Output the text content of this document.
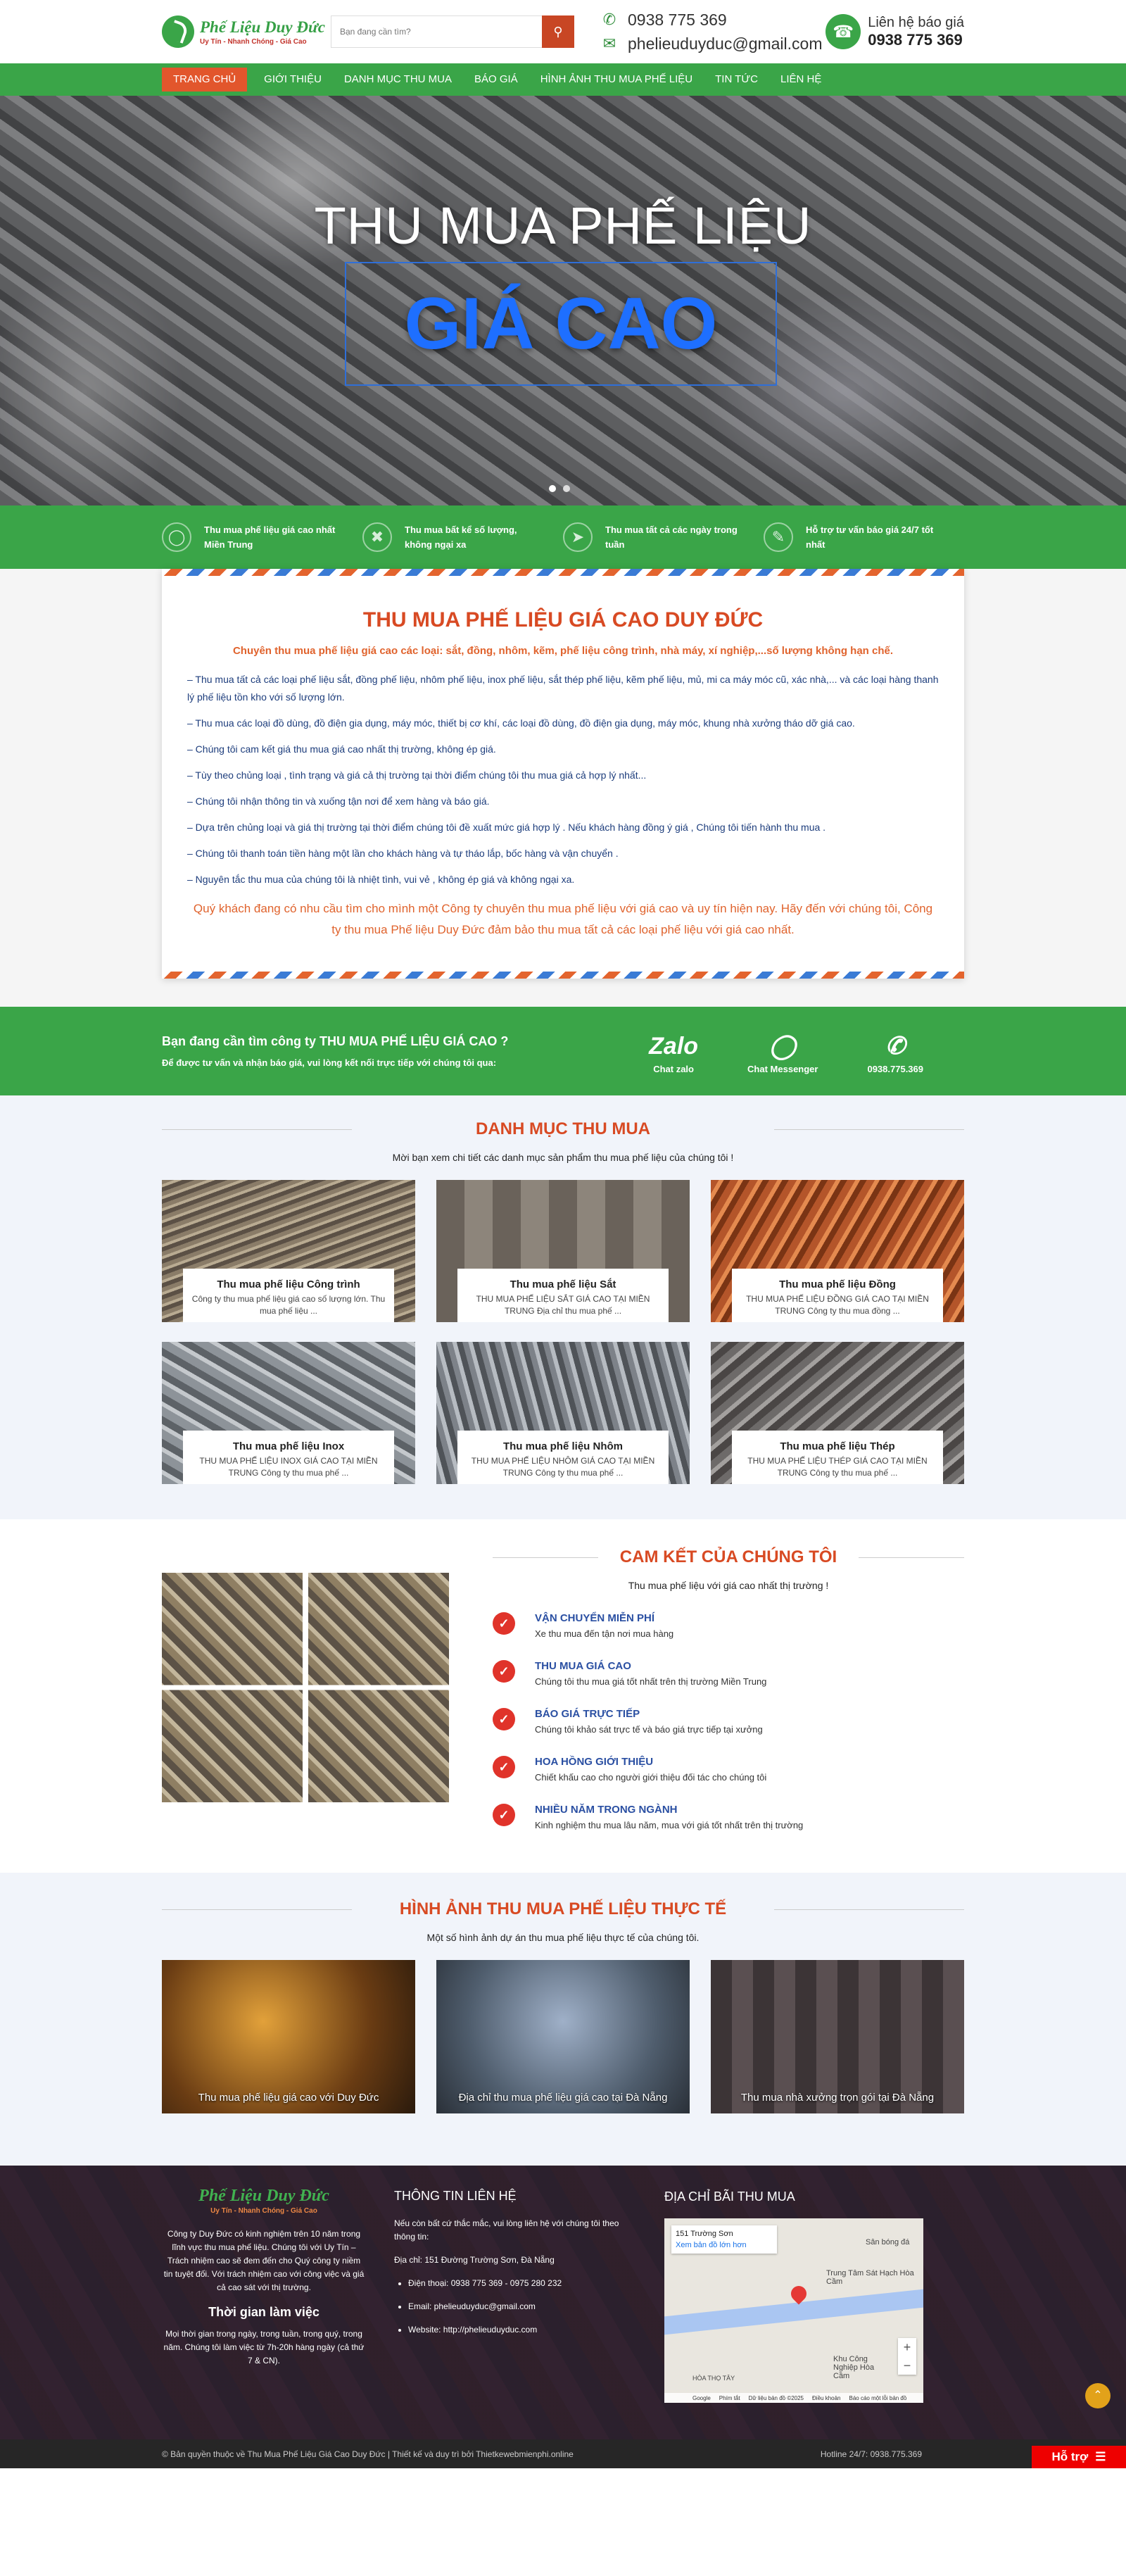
Phế Liệu Duy Đức
Uy Tín - Nhanh Chóng - Giá Cao
Bạn đang cần tìm?
⚲
✆ 0938 775 369
✉ phelieuduyduc@gmail.com
☎	Liên hệ báo giá
0938 775 369
TRANG CHỦ	GIỚI THIỆU	DANH MỤC THU MUA	BÁO GIÁ	HÌNH ẢNH THU MUA PHẾ LIỆU	TIN TỨC	LIÊN HỆ
THU MUA PHẾ LIỆU
GIÁ CAO
◯	Thu mua phế liệu giá cao nhất Miền Trung	✖	Thu mua bất kể số lượng, không ngại xa	➤	Thu mua tất cả các ngày trong tuần	✎	Hỗ trợ tư vấn báo giá 24/7 tốt nhất
THU MUA PHẾ LIỆU GIÁ CAO DUY ĐỨC
Chuyên thu mua phế liệu giá cao các loại: sắt, đồng, nhôm, kẽm, phế liệu công trình, nhà máy, xí nghiệp,...số lượng không hạn chế.

– Thu mua tất cả các loại phế liệu sắt, đồng phế liệu, nhôm phế liệu, inox phế liệu, sắt thép phế liệu, kẽm phế liệu, mủ, mi ca máy móc cũ, xác nhà,... và các loại hàng thanh lý phế liệu tồn kho với số lượng lớn.

– Thu mua các loại đồ dùng, đồ điện gia dụng, máy móc, thiết bị cơ khí, các loại đồ dùng, đồ điện gia dụng, máy móc, khung nhà xưởng tháo dỡ giá cao.

– Chúng tôi cam kết giá thu mua giá cao nhất thị trường, không ép giá.

– Tùy theo chủng loại , tình trạng và giá cả thị trường tại thời điểm chúng tôi thu mua giá cả hợp lý nhất...

– Chúng tôi nhận thông tin và xuống tận nơi để xem hàng và báo giá.

– Dựa trên chủng loại và giá thị trường tại thời điểm chúng tôi đề xuất mức giá hợp lý . Nếu khách hàng đồng ý giá , Chúng tôi tiến hành thu mua .

– Chúng tôi thanh toán tiền hàng một lần cho khách hàng và tự tháo lắp, bốc hàng và vận chuyển .

– Nguyên tắc thu mua của chúng tôi là nhiệt tình, vui vẻ , không ép giá và không ngại xa.

Quý khách đang có nhu cầu tìm cho mình một Công ty chuyên thu mua phế liệu với giá cao và uy tín hiện nay. Hãy đến với chúng tôi, Công ty thu mua Phế liệu Duy Đức đảm bảo thu mua tất cả các loại phế liệu với giá cao nhất.
Bạn đang cần tìm công ty THU MUA PHẾ LIỆU GIÁ CAO ?

Để được tư vấn và nhận báo giá, vui lòng kết nối trực tiếp với chúng tôi qua:

Zalo
Chat zalo
◯
Chat Messenger
✆
0938.775.369
DANH MỤC THU MUA
Mời bạn xem chi tiết các danh mục sản phẩm thu mua phế liệu của chúng tôi !
Thu mua phế liệu Công trình
Công ty thu mua phế liệu giá cao số lượng lớn. Thu mua phế liệu ...
Thu mua phế liệu Sắt
THU MUA PHẾ LIỆU SẮT GIÁ CAO TẠI MIỀN TRUNG Địa chỉ thu mua phế ...
Thu mua phế liệu Đồng
THU MUA PHẾ LIỆU ĐỒNG GIÁ CAO TẠI MIỀN TRUNG Công ty thu mua đồng ...
Thu mua phế liệu Inox
THU MUA PHẾ LIỆU INOX GIÁ CAO TẠI MIỀN TRUNG Công ty thu mua phế ...
Thu mua phế liệu Nhôm
THU MUA PHẾ LIỆU NHÔM GIÁ CAO TẠI MIỀN TRUNG Công ty thu mua phế ...
Thu mua phế liệu Thép
THU MUA PHẾ LIỆU THÉP GIÁ CAO TẠI MIỀN TRUNG Công ty thu mua phế ...
CAM KẾT CỦA CHÚNG TÔI
Thu mua phế liệu với giá cao nhất thị trường !
✓	VẬN CHUYỂN MIỄN PHÍ

Xe thu mua đến tận nơi mua hàng

✓	THU MUA GIÁ CAO

Chúng tôi thu mua giá tốt nhất trên thị trường Miền Trung

✓	BÁO GIÁ TRỰC TIẾP

Chúng tôi khảo sát trực tế và báo giá trực tiếp tại xưởng

✓	HOA HỒNG GIỚI THIỆU

Chiết khấu cao cho người giới thiệu đối tác cho chúng tôi

✓	NHIỀU NĂM TRONG NGÀNH

Kinh nghiệm thu mua lâu năm, mua với giá tốt nhất trên thị trường

HÌNH ẢNH THU MUA PHẾ LIỆU THỰC TẾ
Một số hình ảnh dự án thu mua phế liệu thực tế của chúng tôi.
Thu mua phế liệu giá cao với Duy Đức	Địa chỉ thu mua phế liệu giá cao tại Đà Nẵng	Thu mua nhà xưởng trọn gói tại Đà Nẵng
Phế Liệu Duy Đức
Uy Tín - Nhanh Chóng - Giá Cao

Công ty Duy Đức có kinh nghiệm trên 10 năm trong lĩnh vực thu mua phế liệu. Chúng tôi với Uy Tín – Trách nhiệm cao sẽ đem đến cho Quý công ty niềm tin tuyệt đối. Với trách nhiệm cao với công việc và giá cả cao sát với thị trường.

Thời gian làm việc

Mọi thời gian trong ngày, trong tuần, trong quý, trong năm. Chúng tôi làm việc từ 7h-20h hàng ngày (cả thứ 7 & CN).

THÔNG TIN LIÊN HỆ

Nếu còn bất cứ thắc mắc, vui lòng liên hệ với chúng tôi theo thông tin:

Địa chỉ: 151 Đường Trường Sơn, Đà Nẵng

• Điện thoại: 0938 775 369 - 0975 280 232
• Email: phelieuduyduc@gmail.com
• Website: http://phelieuduyduc.com
ĐỊA CHỈ BÃI THU MUA
151 Trường Sơn
Xem bản đồ lớn hơn
Trung Tâm Sát Hạch Hòa Cầm
Khu Công Nghiệp Hòa Cầm
HÒA THỌ TÂY
Sân bóng đá
+
−
Google Phím tắt Dữ liệu bản đồ ©2025 Điều khoản Báo cáo một lỗi bản đồ	⌃
© Bản quyền thuộc về Thu Mua Phế Liệu Giá Cao Duy Đức | Thiết kế và duy trì bởi Thietkewebmienphi.online	Hotline 24/7: 0938.775.369	Hỗ trợ ☰
